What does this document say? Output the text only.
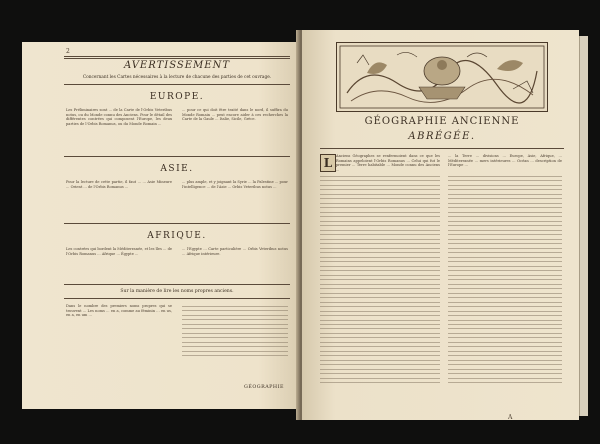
2
AVERTISSEMENT
Concernant les Cartes nécessaires à la lecture de chacune des parties de cet ouvrage.
EUROPE.
Les Préliminaires sont ... de la Carte de l'Orbis Veteribus notus, ou du Monde connu des Anciens. Pour le détail des différentes contrées qui composent l'Europe, les deux parties de l'Orbis Romanus, ou du Monde Romain ...
... pour ce qui doit être traité dans le nord, il suffira du Monde Romain ... peut encore aider à ces recherches la Carte de la Gaule ... Italie, Sicile, Grèce.
ASIE.
Pour la lecture de cette partie, il faut ... ... Asie Mineure ... Orient ... de l'Orbis Romanus ...
... plus ample, et y joignant la Syrie ... la Palestine ... pour l'intelligence ... de l'Asie ... Orbis Veteribus notus ...
AFRIQUE.
Les contrées qui bordent la Méditerranée, et les îles ... de l'Orbis Romanus ... Afrique ... Égypte ...
... l'Égypte ... Carte particulière ... Orbis Veteribus notus ... Afrique intérieure.
Sur la manière de lire les noms propres anciens.
Dans le nombre des premiers noms propres qui se trouvent ... Les noms ... en a, comme au féminin ... en us, en a, en um ...
GÉOGRAPHIE
GÉOGRAPHIE ANCIENNE
ABRÉGÉE.
L	Anciens Géographes se renfermoient dans ce que les Romains appeloient l'Orbis Romanus ... Celui qui fut le premier ... Terre habitable ... Monde connu des Anciens ...
... la Terre ... divisions ... Europe, Asie, Afrique, ... Méditerranée ... mers intérieures ... Océan ... description de l'Europe ...
A
